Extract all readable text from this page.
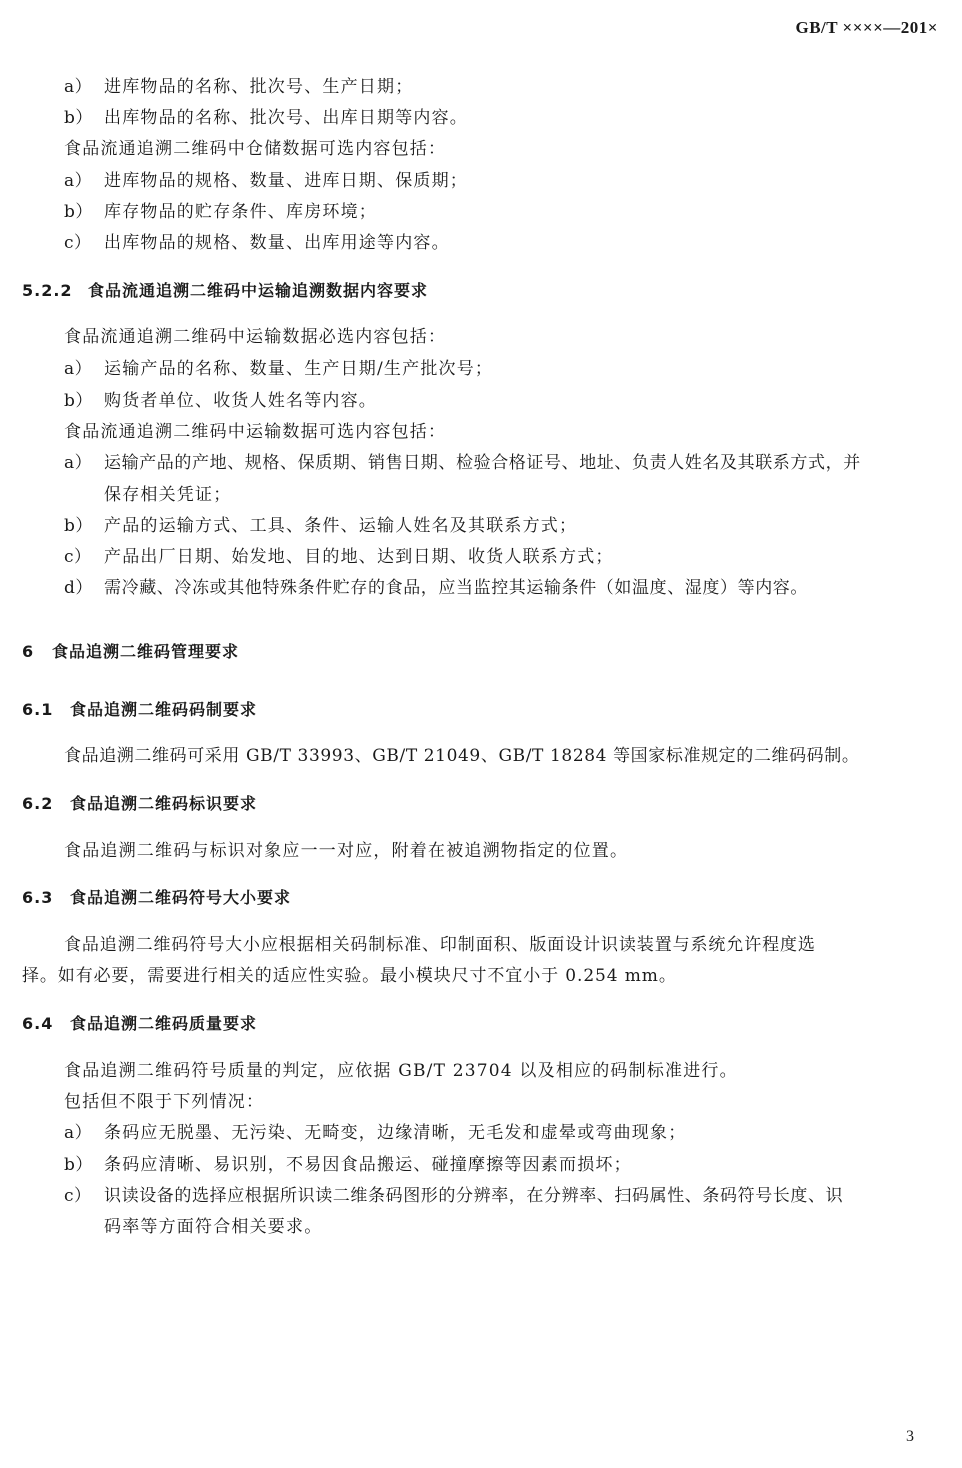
GB/T ××××—201×
a） 进库物品的名称、批次号、生产日期；
b） 出库物品的名称、批次号、出库日期等内容。
食品流通追溯二维码中仓储数据可选内容包括：
a） 进库物品的规格、数量、进库日期、保质期；
b） 库存物品的贮存条件、库房环境；
c） 出库物品的规格、数量、出库用途等内容。
5.2.2 食品流通追溯二维码中运输追溯数据内容要求
食品流通追溯二维码中运输数据必选内容包括：
a） 运输产品的名称、数量、生产日期/生产批次号；
b） 购货者单位、收货人姓名等内容。
食品流通追溯二维码中运输数据可选内容包括：
a） 运输产品的产地、规格、保质期、销售日期、检验合格证号、地址、负责人姓名及其联系方式，并
保存相关凭证；
b） 产品的运输方式、工具、条件、运输人姓名及其联系方式；
c） 产品出厂日期、始发地、目的地、达到日期、收货人联系方式；
d） 需冷藏、冷冻或其他特殊条件贮存的食品，应当监控其运输条件（如温度、湿度）等内容。
6 食品追溯二维码管理要求
6.1 食品追溯二维码码制要求
食品追溯二维码可采用 GB/T 33993、GB/T 21049、GB/T 18284 等国家标准规定的二维码码制。
6.2 食品追溯二维码标识要求
食品追溯二维码与标识对象应一一对应，附着在被追溯物指定的位置。
6.3 食品追溯二维码符号大小要求
食品追溯二维码符号大小应根据相关码制标准、印制面积、版面设计识读装置与系统允许程度选
择。如有必要，需要进行相关的适应性实验。最小模块尺寸不宜小于 0.254 mm。
6.4 食品追溯二维码质量要求
食品追溯二维码符号质量的判定，应依据 GB/T 23704 以及相应的码制标准进行。
包括但不限于下列情况：
a） 条码应无脱墨、无污染、无畸变，边缘清晰，无毛发和虚晕或弯曲现象；
b） 条码应清晰、易识别，不易因食品搬运、碰撞摩擦等因素而损坏；
c） 识读设备的选择应根据所识读二维条码图形的分辨率，在分辨率、扫码属性、条码符号长度、识
码率等方面符合相关要求。
3
